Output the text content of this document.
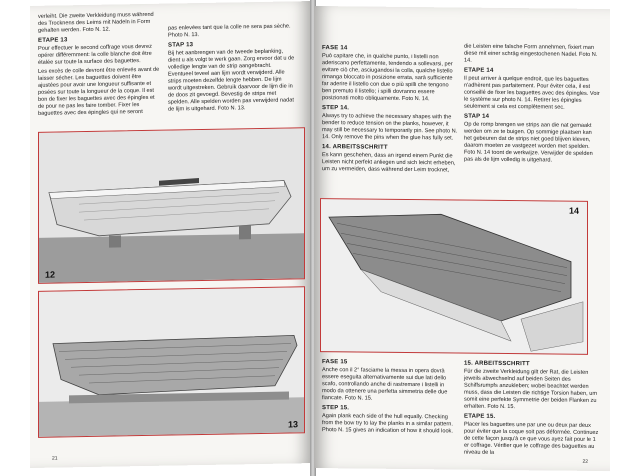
verleiht. Die zweite Verkleidung muss während des Trocknens des Leims mit Nadeln in Form gehalten werden. Foto N. 12.

ETAPE 13

Pour effectuer le second coffrage vous devrez opérer différemment: la colle blanche doit être étalée sur toute la surface des baguettes.

Les excès de colle devront être enlevés avant de laisser sécher. Les baguettes doivent être ajustées pour avoir une longueur suffisante et posées sur toute la longueur de la coque. Il est bon de fixer les baguettes avec des épingles et de pour ne pas les faire tomber. Fixer les baguettes avec des épingles qui ne seront

pas enlevées tant que la colle ne sera pas sèche. Photo N. 13.

STAP 13

Bij het aanbrengen van de tweede beplanking, dient u als volgt te werk gaan. Zorg ervoor dat u de volledige lengte van de strip aangebracht. Eventueel teveel aan lijm wordt verwijderd. Alle strips moeten dezelfde lengte hebben. De lijm wordt uitgestreken. Gebruik daarvoor de lijm die in de doos zit gevoegd. Bevestig de strips met spelden. Alle spelden worden pas verwijderd nadat de lijm is uitgehard. Foto N. 13.

12
13
21
FASE 14

Può capitare che, in qualche punto, i listelli non aderiscano perfettamente, tendendo a sollevarsi, per evitare ciò che, asciugandosi la colla, qualche listello rimanga bloccato in posizione errata, sarà sufficiente far aderire il listello con due o più spilli che tengono ben premuto il listello; i spilli dovranno essere posizionati molto obliquamente. Foto N. 14.

STEP 14.

Always try to achieve the necessary shapes with the bender to reduce tension on the planks, however, it may still be necessary to temporarily pin. See photo N. 14. Only remove the pins when the glue has fully set.

14. ARBEITSSCHRITT

Es kann geschehen, dass an irgend einem Punkt die Leisten nicht perfekt anliegen und sich leicht erheben, um zu vermeiden, dass während der Leim trocknet,

die Leisten eine falsche Form annehmen, fixiert man diese mit einer schräg eingestochenen Nadel. Foto N. 14.

ETAPE 14

Il peut arriver à quelque endroit, que les baguettes n'adhèrent pas parfaitement. Pour éviter cela, il est conseillé de fixer les baguettes avec des épingles. Voir le système sur photo N. 14. Retirer les épingles seulement si cela est complètement sec.

STAP 14

Op de romp brengen we strips aan die nat gemaakt werden om ze te buigen. Op sommige plaatsen kan het gebeuren dat de strips niet goed blijven kleven, daarom moeten ze vastgezet worden met spelden. Foto N. 14 toont de werkwijze. Verwijder de spelden pas als de lijm volledig is uitgehard.

14
FASE 15

Anche con il 2° fasciame la messa in opera dovrà essere eseguita alternativamente sui due lati dello scafo, controllando anche di rastremare i listelli in modo da ottenere una perfetta simmetria delle due fiancate. Foto N. 15.

STEP 15.

Again plank each side of the hull equally. Checking from the bow try to lay the planks in a similar pattern. Photo N. 15 gives an indication of how it should look.

15. ARBEITSSCHRITT

Für die zweite Verkleidung gilt der Rat, die Leisten jeweils abwechselnd auf beiden Seiten des Schiffsrumpfs anzukleben; wobei beachtet werden muss, dass die Leisten die richtige Torsion haben, um somit eine perfekte Symmetrie der beiden Flanken zu erhalten. Foto N. 15.

ETAPE 15.

Placer les baguettes une par une ou deux par deux pour éviter que la coque soit pas déformée. Continuez de cette façon jusqu'à ce que vous ayez fait pour le 1 er coffrage. Vérifier que le coffrage des baguettes au niveau de la

22
